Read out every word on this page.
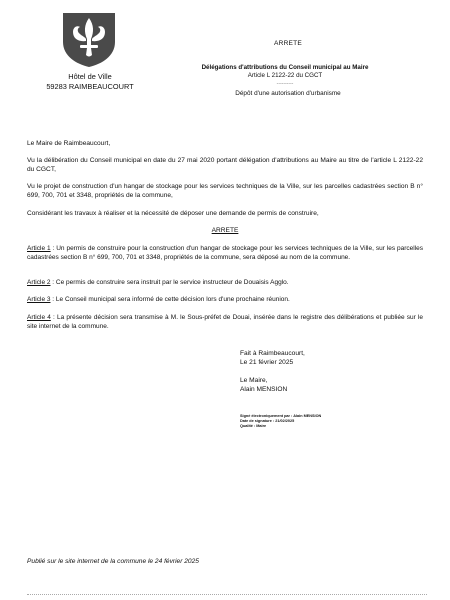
Hôtel de Ville
59283 RAIMBEAUCOURT
ARRETE
Délégations d'attributions du Conseil municipal au Maire
Article L 2122-22 du CGCT
----------
Dépôt d'une autorisation d'urbanisme
Le Maire de Raimbeaucourt,
Vu la délibération du Conseil municipal en date du 27 mai 2020 portant délégation d'attributions au Maire au titre de l'article L 2122-22 du CGCT,
Vu le projet de construction d'un hangar de stockage pour les services techniques de la Ville, sur les parcelles cadastrées section B n° 699, 700, 701 et 3348, propriétés de la commune,
Considérant les travaux à réaliser et la nécessité de déposer une demande de permis de construire,
ARRETE
Article 1 : Un permis de construire pour la construction d'un hangar de stockage pour les services techniques de la Ville, sur les parcelles cadastrées section B n° 699, 700, 701 et 3348, propriétés de la commune, sera déposé au nom de la commune.
Article 2 : Ce permis de construire sera instruit par le service instructeur de Douaisis Agglo.
Article 3 : Le Conseil municipal sera informé de cette décision lors d'une prochaine réunion.
Article 4 : La présente décision sera transmise à M. le Sous-préfet de Douai, insérée dans le registre des délibérations et publiée sur le site internet de la commune.
Fait à Raimbeaucourt,
Le 21 février 2025
Le Maire,
Alain MENSION
Signé électroniquement par : Alain MENSION
Date de signature : 21/02/2025
Qualité : Maire
Publié sur le site internet de la commune le 24 février 2025
